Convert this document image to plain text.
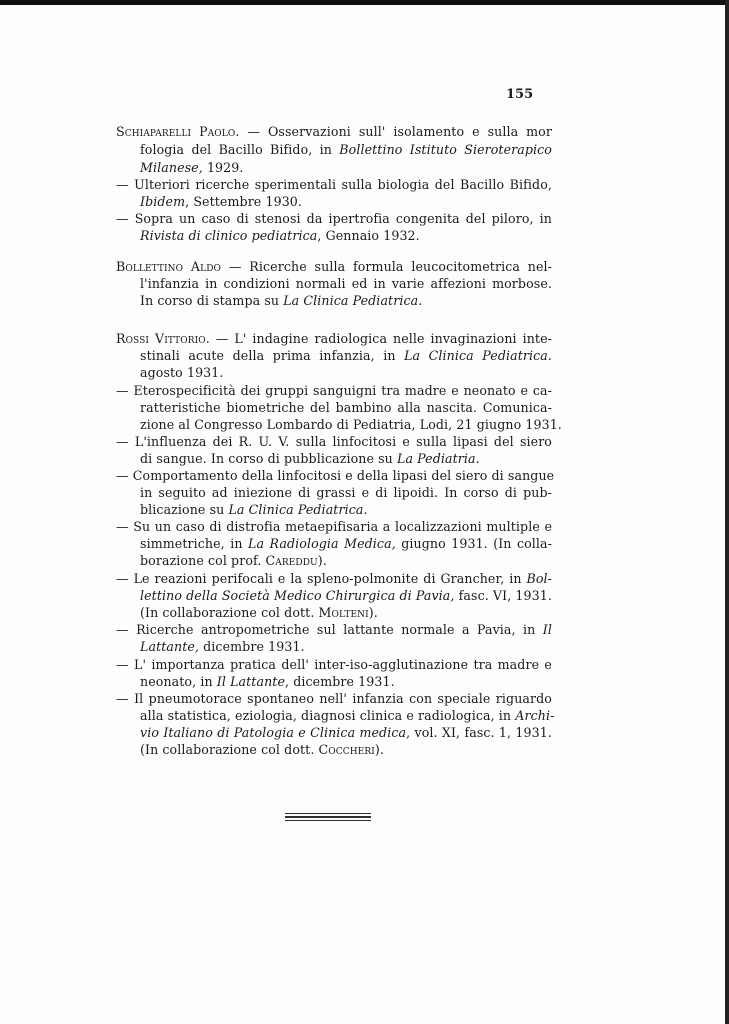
155
Schiaparelli Paolo. — Osservazioni sull' isolamento e sulla mor
fologia del Bacillo Bifido, in Bollettino Istituto Sieroterapico
Milanese, 1929.
— Ulteriori ricerche sperimentali sulla biologia del Bacillo Bifido,
Ibidem, Settembre 1930.
— Sopra un caso di stenosi da ipertrofia congenita del piloro, in
Rivista di clinico pediatrica, Gennaio 1932.
Bollettino Aldo — Ricerche sulla formula leucocitometrica nel-
l'infanzia in condizioni normali ed in varie affezioni morbose.
In corso di stampa su La Clinica Pediatrica.
Rossi Vittorio. — L' indagine radiologica nelle invaginazioni inte-
stinali acute della prima infanzia, in La Clinica Pediatrica.
agosto 1931.
— Eterospecificità dei gruppi sanguigni tra madre e neonato e ca-
ratteristiche biometriche del bambino alla nascita. Comunica-
zione al Congresso Lombardo di Pediatria, Lodi, 21 giugno 1931.
— L'influenza dei R. U. V. sulla linfocitosi e sulla lipasi del siero
di sangue. In corso di pubblicazione su La Pediatria.
— Comportamento della linfocitosi e della lipasi del siero di sangue
in seguito ad iniezione di grassi e di lipoidi. In corso di pub-
blicazione su La Clinica Pediatrica.
— Su un caso di distrofia metaepifisaria a localizzazioni multiple e
simmetriche, in La Radiologia Medica, giugno 1931. (In colla-
borazione col prof. Careddu).
— Le reazioni perifocali e la spleno-polmonite di Grancher, in Bol-
lettino della Società Medico Chirurgica di Pavia, fasc. VI, 1931.
(In collaborazione col dott. Molteni).
— Ricerche antropometriche sul lattante normale a Pavia, in Il
Lattante, dicembre 1931.
— L' importanza pratica dell' inter-iso-agglutinazione tra madre e
neonato, in Il Lattante, dicembre 1931.
— Il pneumotorace spontaneo nell' infanzia con speciale riguardo
alla statistica, eziologia, diagnosi clinica e radiologica, in Archi-
vio Italiano di Patologia e Clinica medica, vol. XI, fasc. 1, 1931.
(In collaborazione col dott. Coccheri).
